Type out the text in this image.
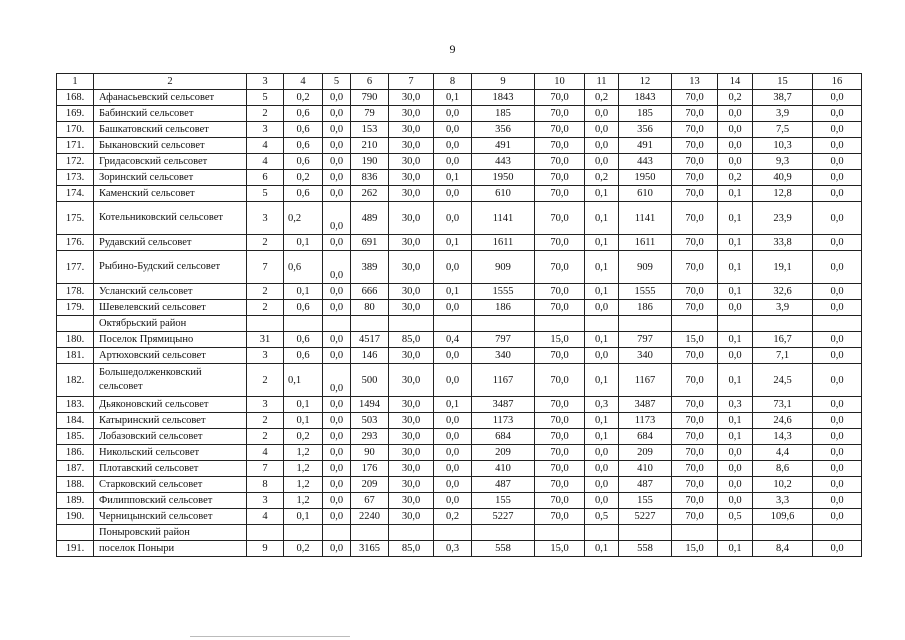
9
1	2	3	4	5	6	7	8	9	10	11	12	13	14	15	16
168.	Афанасьевский сельсовет	5	0,2	0,0	790	30,0	0,1	1843	70,0	0,2	1843	70,0	0,2	38,7	0,0
169.	Бабинский сельсовет	2	0,6	0,0	79	30,0	0,0	185	70,0	0,0	185	70,0	0,0	3,9	0,0
170.	Башкатовский сельсовет	3	0,6	0,0	153	30,0	0,0	356	70,0	0,0	356	70,0	0,0	7,5	0,0
171.	Быкановский сельсовет	4	0,6	0,0	210	30,0	0,0	491	70,0	0,0	491	70,0	0,0	10,3	0,0
172.	Гридасовский сельсовет	4	0,6	0,0	190	30,0	0,0	443	70,0	0,0	443	70,0	0,0	9,3	0,0
173.	Зоринский сельсовет	6	0,2	0,0	836	30,0	0,1	1950	70,0	0,2	1950	70,0	0,2	40,9	0,0
174.	Каменский сельсовет	5	0,6	0,0	262	30,0	0,0	610	70,0	0,1	610	70,0	0,1	12,8	0,0
175.	Котельниковский сельсовет	3	0,2	0,0	489	30,0	0,0	1141	70,0	0,1	1141	70,0	0,1	23,9	0,0
176.	Рудавский сельсовет	2	0,1	0,0	691	30,0	0,1	1611	70,0	0,1	1611	70,0	0,1	33,8	0,0
177.	Рыбино-Будский сельсовет	7	0,6	0,0	389	30,0	0,0	909	70,0	0,1	909	70,0	0,1	19,1	0,0
178.	Усланский сельсовет	2	0,1	0,0	666	30,0	0,1	1555	70,0	0,1	1555	70,0	0,1	32,6	0,0
179.	Шевелевский сельсовет	2	0,6	0,0	80	30,0	0,0	186	70,0	0,0	186	70,0	0,0	3,9	0,0
	Октябрьский район														
180.	Поселок Прямицыно	31	0,6	0,0	4517	85,0	0,4	797	15,0	0,1	797	15,0	0,1	16,7	0,0
181.	Артюховский сельсовет	3	0,6	0,0	146	30,0	0,0	340	70,0	0,0	340	70,0	0,0	7,1	0,0
182.	Большедолженковский сельсовет	2	0,1	0,0	500	30,0	0,0	1167	70,0	0,1	1167	70,0	0,1	24,5	0,0
183.	Дьяконовский сельсовет	3	0,1	0,0	1494	30,0	0,1	3487	70,0	0,3	3487	70,0	0,3	73,1	0,0
184.	Катыринский сельсовет	2	0,1	0,0	503	30,0	0,0	1173	70,0	0,1	1173	70,0	0,1	24,6	0,0
185.	Лобазовский сельсовет	2	0,2	0,0	293	30,0	0,0	684	70,0	0,1	684	70,0	0,1	14,3	0,0
186.	Никольский сельсовет	4	1,2	0,0	90	30,0	0,0	209	70,0	0,0	209	70,0	0,0	4,4	0,0
187.	Плотавский сельсовет	7	1,2	0,0	176	30,0	0,0	410	70,0	0,0	410	70,0	0,0	8,6	0,0
188.	Старковский сельсовет	8	1,2	0,0	209	30,0	0,0	487	70,0	0,0	487	70,0	0,0	10,2	0,0
189.	Филипповский сельсовет	3	1,2	0,0	67	30,0	0,0	155	70,0	0,0	155	70,0	0,0	3,3	0,0
190.	Черницынский сельсовет	4	0,1	0,0	2240	30,0	0,2	5227	70,0	0,5	5227	70,0	0,5	109,6	0,0
	Поныровский район														
191.	поселок Поныри	9	0,2	0,0	3165	85,0	0,3	558	15,0	0,1	558	15,0	0,1	8,4	0,0
